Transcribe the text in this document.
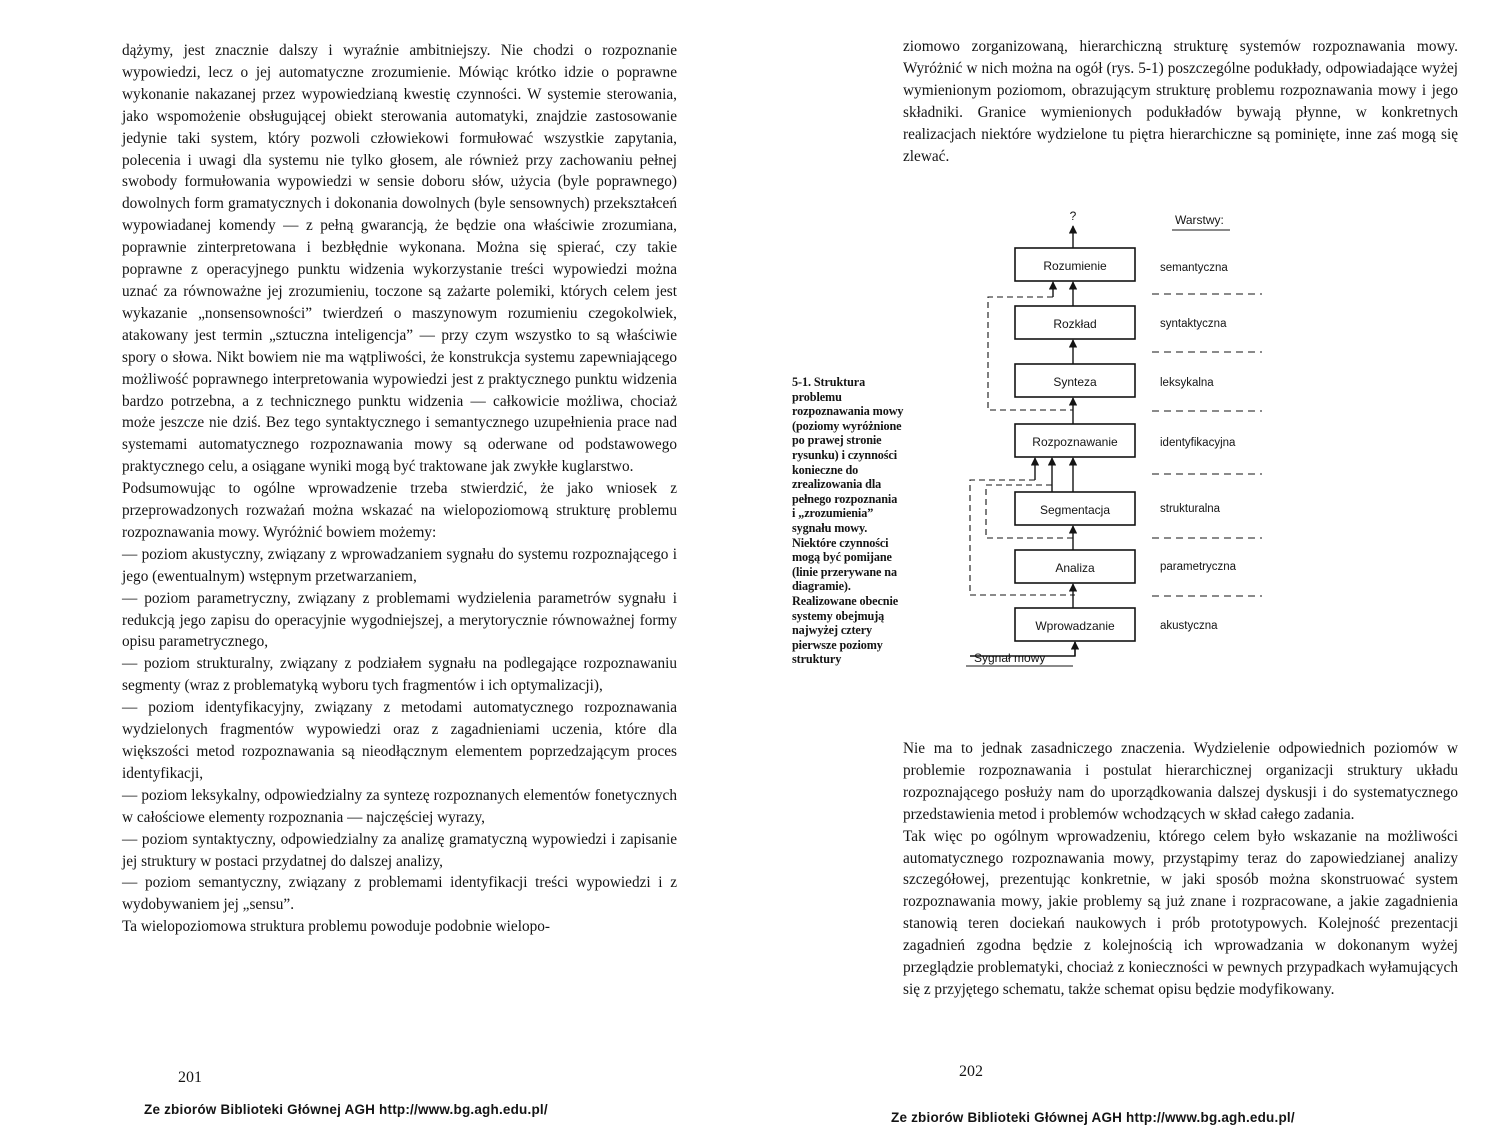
dążymy, jest znacznie dalszy i wyraźnie ambitniejszy. Nie chodzi o rozpoznanie wypowiedzi, lecz o jej automatyczne zrozumienie. Mówiąc krótko idzie o poprawne wykonanie nakazanej przez wypowiedzianą kwestię czynności. W systemie sterowania, jako wspomożenie obsługującej obiekt sterowania automatyki, znajdzie zastosowanie jedynie taki system, który pozwoli człowiekowi formułować wszystkie zapytania, polecenia i uwagi dla systemu nie tylko głosem, ale również przy zachowaniu pełnej swobody formułowania wypowiedzi w sensie doboru słów, użycia (byle poprawnego) dowolnych form gramatycznych i dokonania dowolnych (byle sensownych) przekształceń wypowiadanej komendy — z pełną gwarancją, że będzie ona właściwie zrozumiana, poprawnie zinterpretowana i bezbłędnie wykonana. Można się spierać, czy takie poprawne z operacyjnego punktu widzenia wykorzystanie treści wypowiedzi można uznać za równoważne jej zrozumieniu, toczone są zażarte polemiki, których celem jest wykazanie „nonsensowności” twierdzeń o maszynowym rozumieniu czegokolwiek, atakowany jest termin „sztuczna inteligencja” — przy czym wszystko to są właściwie spory o słowa. Nikt bowiem nie ma wątpliwości, że konstrukcja systemu zapewniającego możliwość poprawnego interpretowania wypowiedzi jest z praktycznego punktu widzenia bardzo potrzebna, a z technicznego punktu widzenia — całkowicie możliwa, chociaż może jeszcze nie dziś. Bez tego syntaktycznego i semantycznego uzupełnienia prace nad systemami automatycznego rozpoznawania mowy są oderwane od podstawowego praktycznego celu, a osiągane wyniki mogą być traktowane jak zwykłe kuglarstwo.

Podsumowując to ogólne wprowadzenie trzeba stwierdzić, że jako wniosek z przeprowadzonych rozważań można wskazać na wielopoziomową strukturę problemu rozpoznawania mowy. Wyróżnić bowiem możemy:

— poziom akustyczny, związany z wprowadzaniem sygnału do systemu rozpoznającego i jego (ewentualnym) wstępnym przetwarzaniem,

— poziom parametryczny, związany z problemami wydzielenia parametrów sygnału i redukcją jego zapisu do operacyjnie wygodniejszej, a merytorycznie równoważnej formy opisu parametrycznego,

— poziom strukturalny, związany z podziałem sygnału na podlegające rozpoznawaniu segmenty (wraz z problematyką wyboru tych fragmentów i ich optymalizacji),

— poziom identyfikacyjny, związany z metodami automatycznego rozpoznawania wydzielonych fragmentów wypowiedzi oraz z zagadnieniami uczenia, które dla większości metod rozpoznawania są nieodłącznym elementem poprzedzającym proces identyfikacji,

— poziom leksykalny, odpowiedzialny za syntezę rozpoznanych elementów fonetycznych w całościowe elementy rozpoznania — najczęściej wyrazy,

— poziom syntaktyczny, odpowiedzialny za analizę gramatyczną wypowiedzi i zapisanie jej struktury w postaci przydatnej do dalszej analizy,

— poziom semantyczny, związany z problemami identyfikacji treści wypowiedzi i z wydobywaniem jej „sensu”.

Ta wielopoziomowa struktura problemu powoduje podobnie wielopo-

201
Ze zbiorów Biblioteki Głównej AGH http://www.bg.agh.edu.pl/

ziomowo zorganizowaną, hierarchiczną strukturę systemów rozpoznawania mowy. Wyróżnić w nich można na ogół (rys. 5-1) poszczególne podukłady, odpowiadające wyżej wymienionym poziomom, obrazującym strukturę problemu rozpoznawania mowy i jego składniki. Granice wymienionych podukładów bywają płynne, w konkretnych realizacjach niektóre wydzielone tu piętra hierarchiczne są pominięte, inne zaś mogą się zlewać.

5-1. Struktura
problemu
rozpoznawania mowy
(poziomy wyróżnione
po prawej stronie
rysunku) i czynności
konieczne do
zrealizowania dla
pełnego rozpoznania
i „zrozumienia”
sygnału mowy.
Niektóre czynności
mogą być pomijane
(linie przerywane na
diagramie).
Realizowane obecnie
systemy obejmują
najwyżej cztery
pierwsze poziomy
struktury
?	Warstwy:
Rozumienie
Rozkład
Synteza
Rozpoznawanie
Segmentacja
Analiza
Wprowadzanie
semantyczna
syntaktyczna
leksykalna
identyfikacyjna
strukturalna
parametryczna
akustyczna
Sygnał mowy

Nie ma to jednak zasadniczego znaczenia. Wydzielenie odpowiednich poziomów w problemie rozpoznawania i postulat hierarchicznej organizacji struktury układu rozpoznającego posłuży nam do uporządkowania dalszej dyskusji i do systematycznego przedstawienia metod i problemów wchodzących w skład całego zadania.

Tak więc po ogólnym wprowadzeniu, którego celem było wskazanie na możliwości automatycznego rozpoznawania mowy, przystąpimy teraz do zapowiedzianej analizy szczegółowej, prezentując konkretnie, w jaki sposób można skonstruować system rozpoznawania mowy, jakie problemy są już znane i rozpracowane, a jakie zagadnienia stanowią teren dociekań naukowych i prób prototypowych. Kolejność prezentacji zagadnień zgodna będzie z kolejnością ich wprowadzania w dokonanym wyżej przeglądzie problematyki, chociaż z konieczności w pewnych przypadkach wyłamujących się z przyjętego schematu, także schemat opisu będzie modyfikowany.

202
Ze zbiorów Biblioteki Głównej AGH http://www.bg.agh.edu.pl/
